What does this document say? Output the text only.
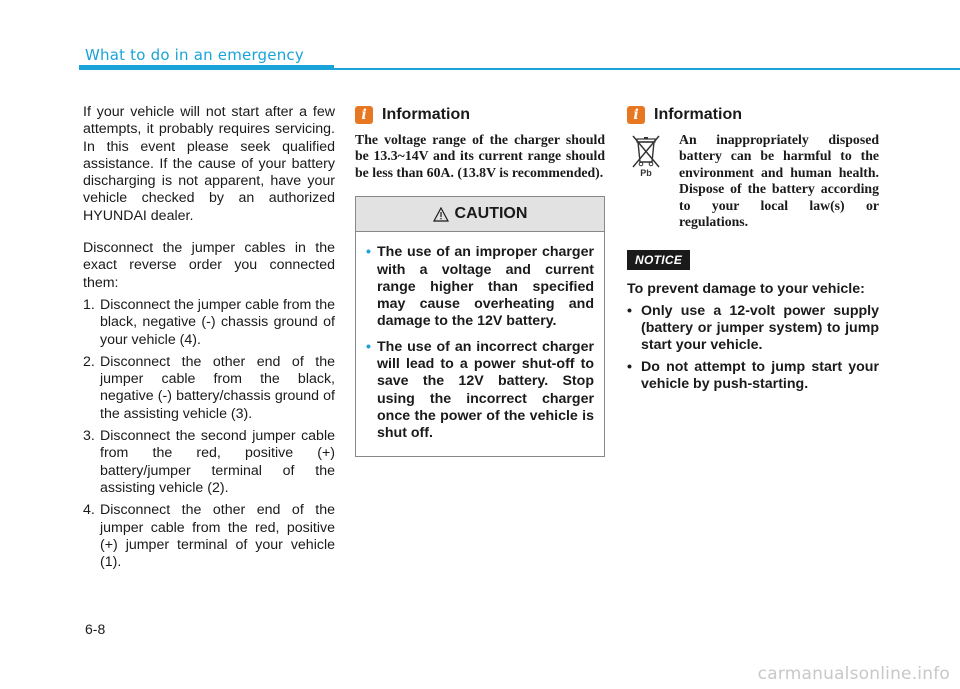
What to do in an emergency

If your vehicle will not start after a few attempts, it probably requires servicing. In this event please seek qualified assistance. If the cause of your battery discharging is not apparent, have your vehicle checked by an authorized HYUNDAI dealer.

Disconnect the jumper cables in the exact reverse order you connected them:

1. Disconnect the jumper cable from the black, negative (-) chassis ground of your vehicle (4).
2. Disconnect the other end of the jumper cable from the black, negative (-) battery/chassis ground of the assisting vehicle (3).
3. Disconnect the second jumper cable from the red, positive (+) battery/jumper terminal of the assisting vehicle (2).
4. Disconnect the other end of the jumper cable from the red, positive (+) jumper terminal of your vehicle (1).
i Information

The voltage range of the charger should be 13.3~14V and its current range should be less than 60A. (13.8V is recommended).

CAUTION
• The use of an improper charger with a voltage and current range higher than specified may cause overheating and damage to the 12V battery.
• The use of an incorrect charger will lead to a power shut-off to save the 12V battery. Stop using the incorrect charger once the power of the vehicle is shut off.
i Information
Pb

An inappropriately disposed battery can be harmful to the environment and human health. Dispose of the battery according to your local law(s) or regulations.

NOTICE
To prevent damage to your vehicle:
• Only use a 12-volt power supply (battery or jumper system) to jump start your vehicle.
• Do not attempt to jump start your vehicle by push-starting.
6-8
carmanualsonline.info
